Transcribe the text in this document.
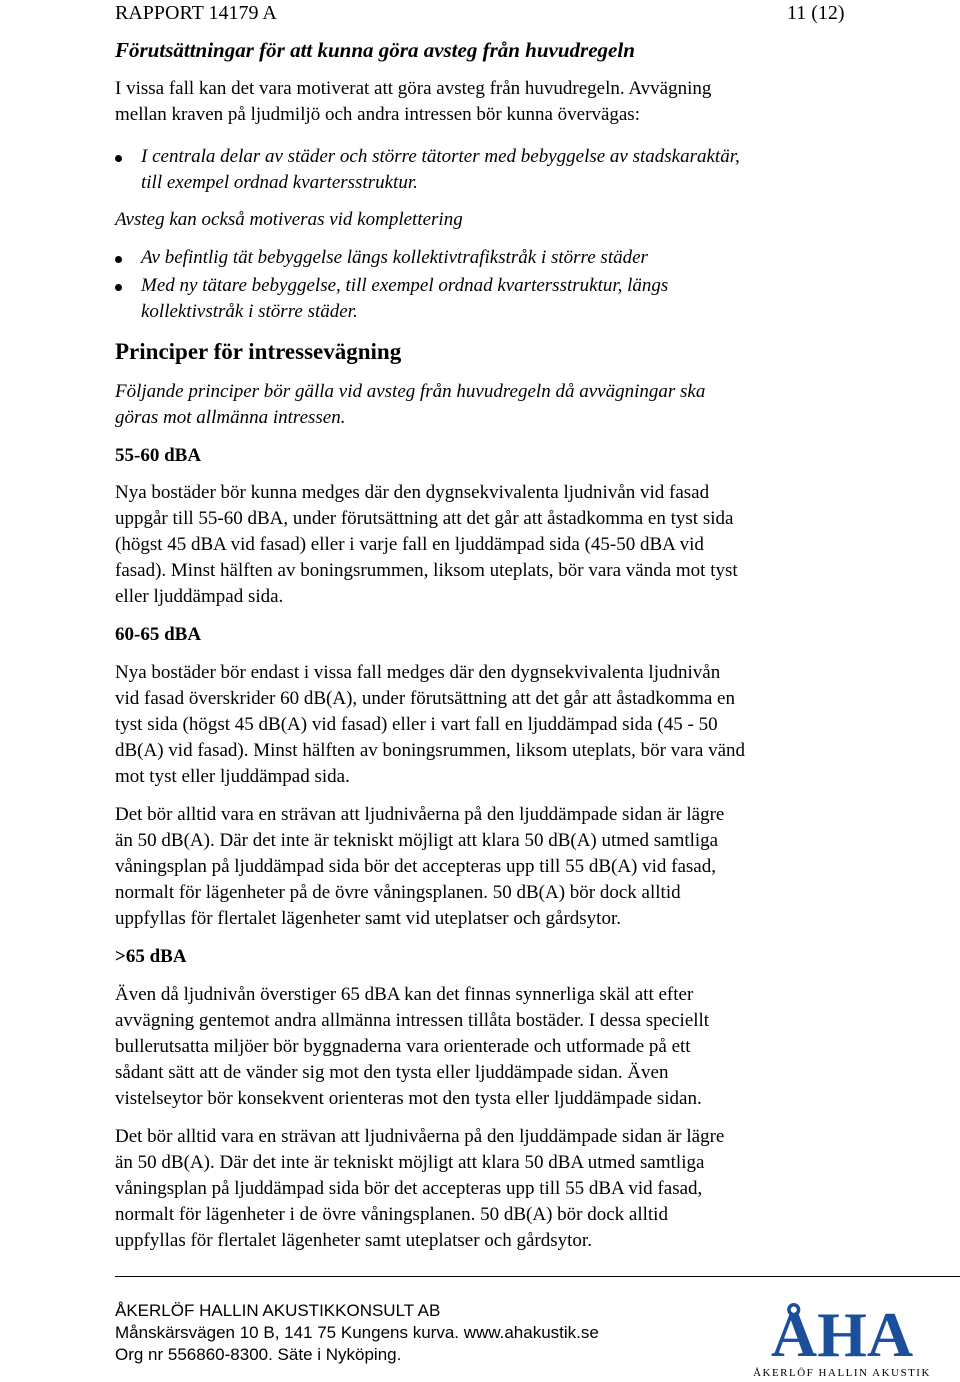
RAPPORT 14179 A	11 (12)
Förutsättningar för att kunna göra avsteg från huvudregeln
I vissa fall kan det vara motiverat att göra avsteg från huvudregeln. Avvägning
mellan kraven på ljudmiljö och andra intressen bör kunna övervägas:
I centrala delar av städer och större tätorter med bebyggelse av stadskaraktär,
till exempel ordnad kvartersstruktur.
Avsteg kan också motiveras vid komplettering
Av befintlig tät bebyggelse längs kollektivtrafikstråk i större städer
Med ny tätare bebyggelse, till exempel ordnad kvartersstruktur, längs
kollektivstråk i större städer.
Principer för intressevägning
Följande principer bör gälla vid avsteg från huvudregeln då avvägningar ska
göras mot allmänna intressen.
55-60 dBA
Nya bostäder bör kunna medges där den dygnsekvivalenta ljudnivån vid fasad
uppgår till 55-60 dBA, under förutsättning att det går att åstadkomma en tyst sida
(högst 45 dBA vid fasad) eller i varje fall en ljuddämpad sida (45-50 dBA vid
fasad). Minst hälften av boningsrummen, liksom uteplats, bör vara vända mot tyst
eller ljuddämpad sida.
60-65 dBA
Nya bostäder bör endast i vissa fall medges där den dygnsekvivalenta ljudnivån
vid fasad överskrider 60 dB(A), under förutsättning att det går att åstadkomma en
tyst sida (högst 45 dB(A) vid fasad) eller i vart fall en ljuddämpad sida (45 - 50
dB(A) vid fasad). Minst hälften av boningsrummen, liksom uteplats, bör vara vänd
mot tyst eller ljuddämpad sida.
Det bör alltid vara en strävan att ljudnivåerna på den ljuddämpade sidan är lägre
än 50 dB(A). Där det inte är tekniskt möjligt att klara 50 dB(A) utmed samtliga
våningsplan på ljuddämpad sida bör det accepteras upp till 55 dB(A) vid fasad,
normalt för lägenheter på de övre våningsplanen. 50 dB(A) bör dock alltid
uppfyllas för flertalet lägenheter samt vid uteplatser och gårdsytor.
>65 dBA
Även då ljudnivån överstiger 65 dBA kan det finnas synnerliga skäl att efter
avvägning gentemot andra allmänna intressen tillåta bostäder. I dessa speciellt
bullerutsatta miljöer bör byggnaderna vara orienterade och utformade på ett
sådant sätt att de vänder sig mot den tysta eller ljuddämpade sidan. Även
vistelseytor bör konsekvent orienteras mot den tysta eller ljuddämpade sidan.
Det bör alltid vara en strävan att ljudnivåerna på den ljuddämpade sidan är lägre
än 50 dB(A). Där det inte är tekniskt möjligt att klara 50 dBA utmed samtliga
våningsplan på ljuddämpad sida bör det accepteras upp till 55 dBA vid fasad,
normalt för lägenheter i de övre våningsplanen. 50 dB(A) bör dock alltid
uppfyllas för flertalet lägenheter samt uteplatser och gårdsytor.
ÅKERLÖF HALLIN AKUSTIKKONSULT AB
Månskärsvägen 10 B, 141 75 Kungens kurva. www.ahakustik.se
Org nr 556860-8300. Säte i Nyköping.	ÅHA
ÅKERLÖF HALLIN AKUSTIK
